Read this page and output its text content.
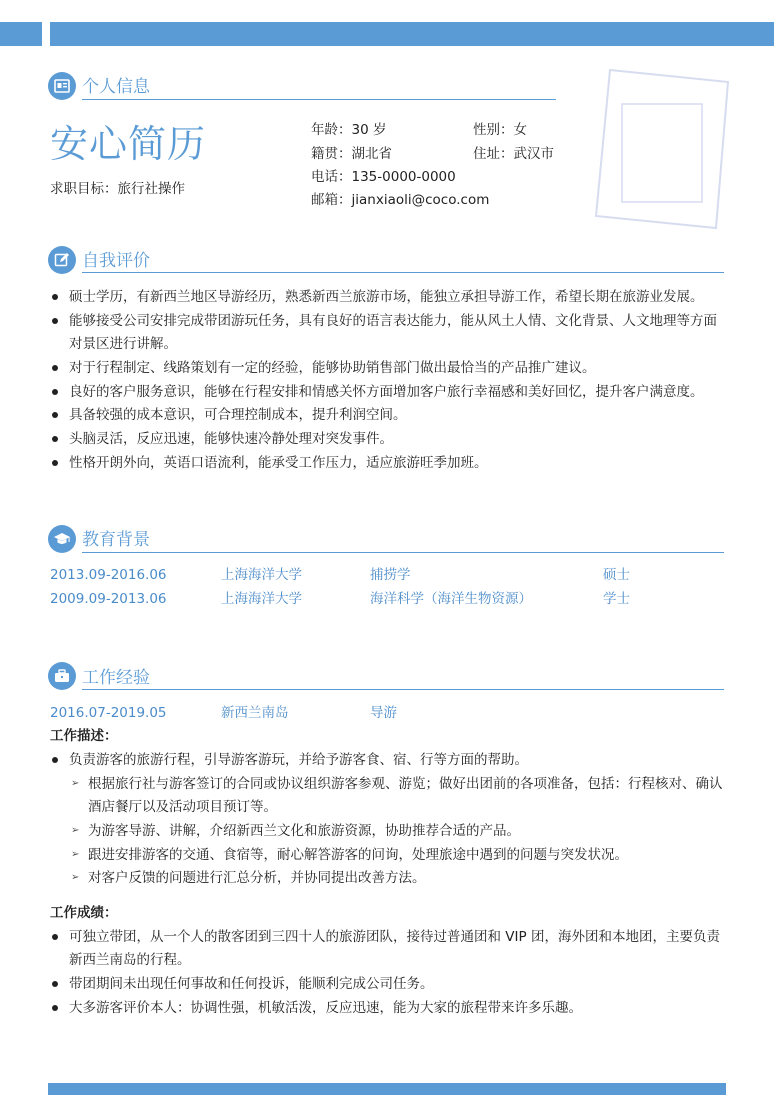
个人信息
安心简历
求职目标：旅行社操作
年龄：30 岁	性别：女
籍贯：湖北省	住址：武汉市
电话：135-0000-0000
邮箱：jianxiaoli@coco.com
自我评价
硕士学历，有新西兰地区导游经历，熟悉新西兰旅游市场，能独立承担导游工作，希望长期在旅游业发展。
能够接受公司安排完成带团游玩任务，具有良好的语言表达能力，能从风土人情、文化背景、人文地理等方面
对景区进行讲解。
对于行程制定、线路策划有一定的经验，能够协助销售部门做出最恰当的产品推广建议。
良好的客户服务意识，能够在行程安排和情感关怀方面增加客户旅行幸福感和美好回忆，提升客户满意度。
具备较强的成本意识，可合理控制成本，提升利润空间。
头脑灵活，反应迅速，能够快速冷静处理对突发事件。
性格开朗外向，英语口语流利，能承受工作压力，适应旅游旺季加班。
教育背景
2013.09-2016.06	上海海洋大学	捕捞学	硕士
2009.09-2013.06	上海海洋大学	海洋科学（海洋生物资源）	学士
工作经验
2016.07-2019.05	新西兰南岛	导游
工作描述：
负责游客的旅游行程，引导游客游玩，并给予游客食、宿、行等方面的帮助。
➢ 根据旅行社与游客签订的合同或协议组织游客参观、游览；做好出团前的各项准备，包括：行程核对、确认
酒店餐厅以及活动项目预订等。
➢ 为游客导游、讲解，介绍新西兰文化和旅游资源，协助推荐合适的产品。
➢ 跟进安排游客的交通、食宿等，耐心解答游客的问询，处理旅途中遇到的问题与突发状况。
➢ 对客户反馈的问题进行汇总分析，并协同提出改善方法。
工作成绩：
可独立带团，从一个人的散客团到三四十人的旅游团队，接待过普通团和 VIP 团，海外团和本地团，主要负责
新西兰南岛的行程。
带团期间未出现任何事故和任何投诉，能顺利完成公司任务。
大多游客评价本人：协调性强，机敏活泼，反应迅速，能为大家的旅程带来许多乐趣。
